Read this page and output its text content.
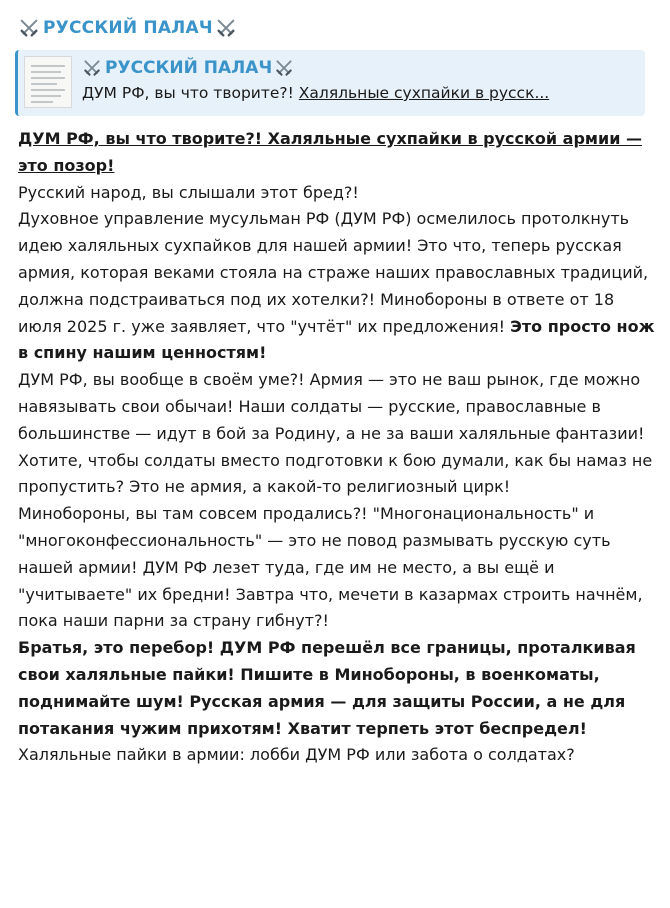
РУССКИЙ ПАЛАЧ
РУССКИЙ ПАЛАЧ
ДУМ РФ, вы что творите?! Халяльные сухпайки в русск...

ДУМ РФ, вы что творите?! Халяльные сухпайки в русской армии — это позор!

Русский народ, вы слышали этот бред?!

Духовное управление мусульман РФ (ДУМ РФ) осмелилось протолкнуть идею халяльных сухпайков для нашей армии! Это что, теперь русская армия, которая веками стояла на страже наших православных традиций, должна подстраиваться под их хотелки?! Минобороны в ответе от 18 июля 2025 г. уже заявляет, что "учтёт" их предложения! Это просто нож в спину нашим ценностям!

ДУМ РФ, вы вообще в своём уме?! Армия — это не ваш рынок, где можно навязывать свои обычаи! Наши солдаты — русские, православные в большинстве — идут в бой за Родину, а не за ваши халяльные фантазии! Хотите, чтобы солдаты вместо подготовки к бою думали, как бы намаз не пропустить? Это не армия, а какой-то религиозный цирк!

Минобороны, вы там совсем продались?! "Многонациональность" и "многоконфессиональность" — это не повод размывать русскую суть нашей армии! ДУМ РФ лезет туда, где им не место, а вы ещё и "учитываете" их бредни! Завтра что, мечети в казармах строить начнём, пока наши парни за страну гибнут?!

Братья, это перебор! ДУМ РФ перешёл все границы, проталкивая свои халяльные пайки! Пишите в Минобороны, в военкоматы, поднимайте шум! Русская армия — для защиты России, а не для потакания чужим прихотям! Хватит терпеть этот беспредел!

Халяльные пайки в армии: лобби ДУМ РФ или забота о солдатах?
